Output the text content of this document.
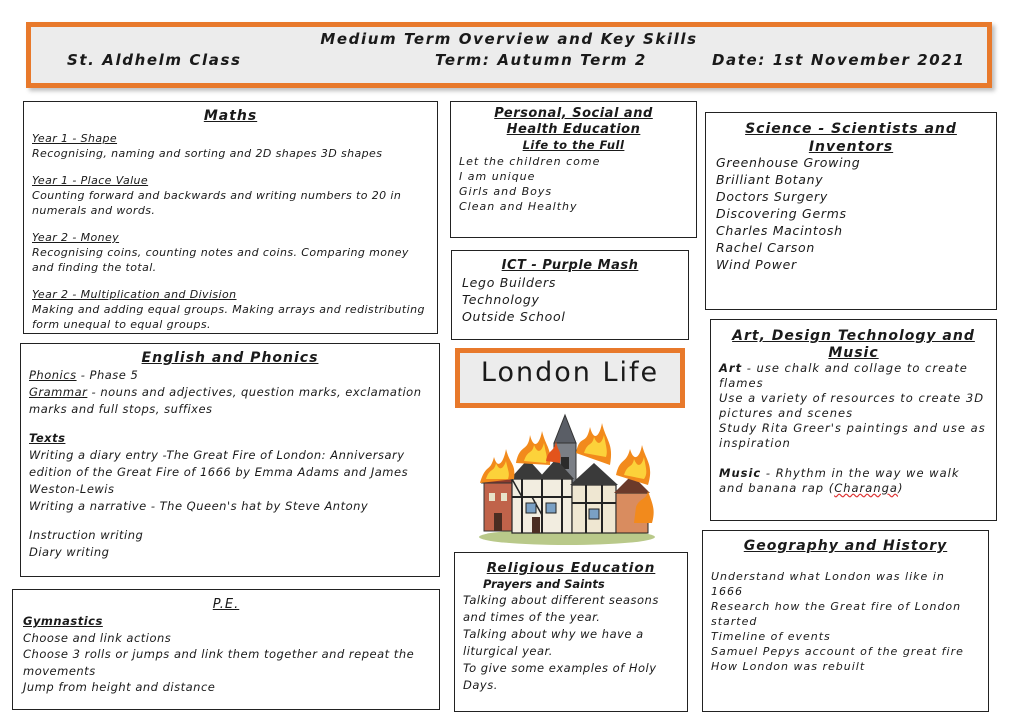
Medium Term Overview and Key Skills
St. Aldhelm Class	Term: Autumn Term 2	Date: 1st November 2021
Maths
Year 1 - Shape
Recognising, naming and sorting and 2D shapes 3D shapes
Year 1 - Place Value
Counting forward and backwards and writing numbers to 20 in numerals and words.
Year 2 - Money
Recognising coins, counting notes and coins. Comparing money and finding the total.
Year 2 - Multiplication and Division
Making and adding equal groups. Making arrays and redistributing form unequal to equal groups.
Personal, Social and
Health Education
Life to the Full
Let the children come
I am unique
Girls and Boys
Clean and Healthy
ICT - Purple Mash
Lego Builders
Technology
Outside School
Science - Scientists and
Inventors
Greenhouse Growing
Brilliant Botany
Doctors Surgery
Discovering Germs
Charles Macintosh
Rachel Carson
Wind Power
English and Phonics
Phonics - Phase 5
Grammar - nouns and adjectives, question marks, exclamation marks and full stops, suffixes
Texts
Writing a diary entry -The Great Fire of London: Anniversary edition of the Great Fire of 1666 by Emma Adams and James Weston-Lewis
Writing a narrative - The Queen's hat by Steve Antony
Instruction writing
Diary writing
London Life
Art, Design Technology and
Music
Art - use chalk and collage to create flames
Use a variety of resources to create 3D pictures and scenes
Study Rita Greer's paintings and use as inspiration
Music - Rhythm in the way we walk and banana rap (Charanga)
P.E.
Gymnastics
Choose and link actions
Choose 3 rolls or jumps and link them together and repeat the movements
Jump from height and distance
Religious Education
Prayers and Saints
Talking about different seasons and times of the year.
Talking about why we have a liturgical year.
To give some examples of Holy Days.
Geography and History
Understand what London was like in 1666
Research how the Great fire of London started
Timeline of events
Samuel Pepys account of the great fire
How London was rebuilt
